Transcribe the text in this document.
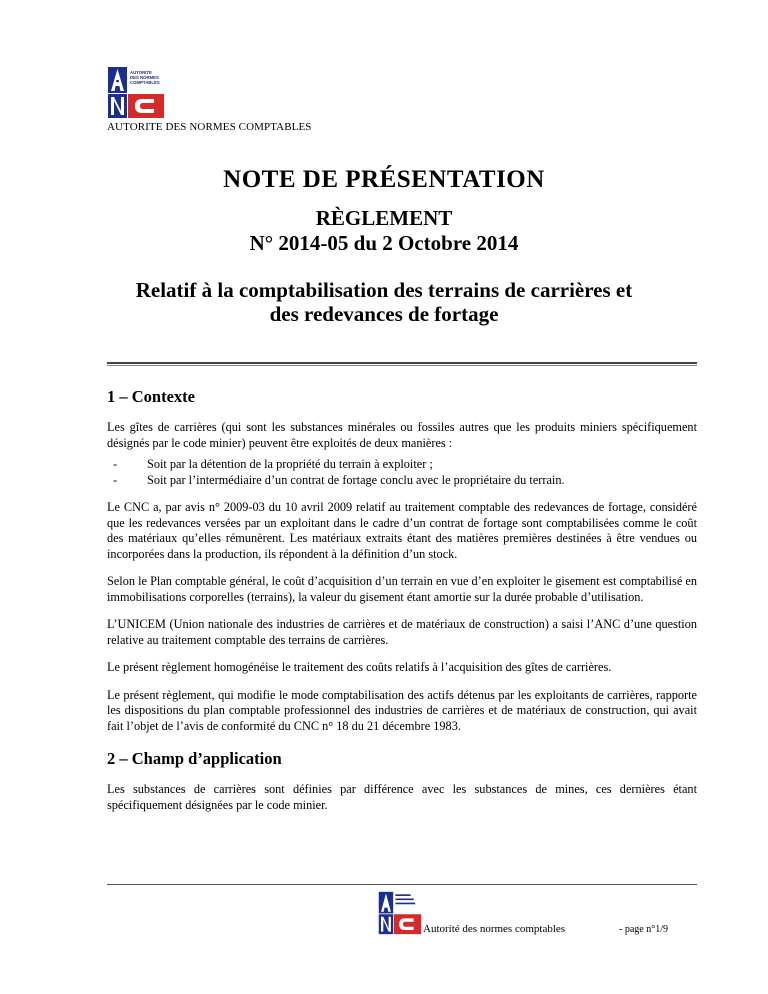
AUTORITE
DES NORMES
COMPTABLES
AUTORITE DES NORMES COMPTABLES
NOTE DE PRÉSENTATION
RÈGLEMENT
N° 2014-05 du 2 Octobre 2014
Relatif à la comptabilisation des terrains de carrières et
des redevances de fortage
1 – Contexte

Les gîtes de carrières (qui sont les substances minérales ou fossiles autres que les produits miniers spécifiquement désignés par le code minier) peuvent être exploités de deux manières :

- Soit par la détention de la propriété du terrain à exploiter ;
- Soit par l’intermédiaire d’un contrat de fortage conclu avec le propriétaire du terrain.

Le CNC a, par avis n° 2009-03 du 10 avril 2009 relatif au traitement comptable des redevances de fortage, considéré que les redevances versées par un exploitant dans le cadre d’un contrat de fortage sont comptabilisées comme le coût des matériaux qu’elles rémunèrent. Les matériaux extraits étant des matières premières destinées à être vendues ou incorporées dans la production, ils répondent à la définition d’un stock.

Selon le Plan comptable général, le coût d’acquisition d’un terrain en vue d’en exploiter le gisement est comptabilisé en immobilisations corporelles (terrains), la valeur du gisement étant amortie sur la durée probable d’utilisation.

L’UNICEM (Union nationale des industries de carrières et de matériaux de construction) a saisi l’ANC d’une question relative au traitement comptable des terrains de carrières.

Le présent règlement homogénéise le traitement des coûts relatifs à l’acquisition des gîtes de carrières.

Le présent règlement, qui modifie le mode comptabilisation des actifs détenus par les exploitants de carrières, rapporte les dispositions du plan comptable professionnel des industries de carrières et de matériaux de construction, qui avait fait l’objet de l’avis de conformité du CNC n° 18 du 21 décembre 1983.

2 – Champ d’application

Les substances de carrières sont définies par différence avec les substances de mines, ces dernières étant spécifiquement désignées par le code minier.

Autorité des normes comptables	- page n°1/9
